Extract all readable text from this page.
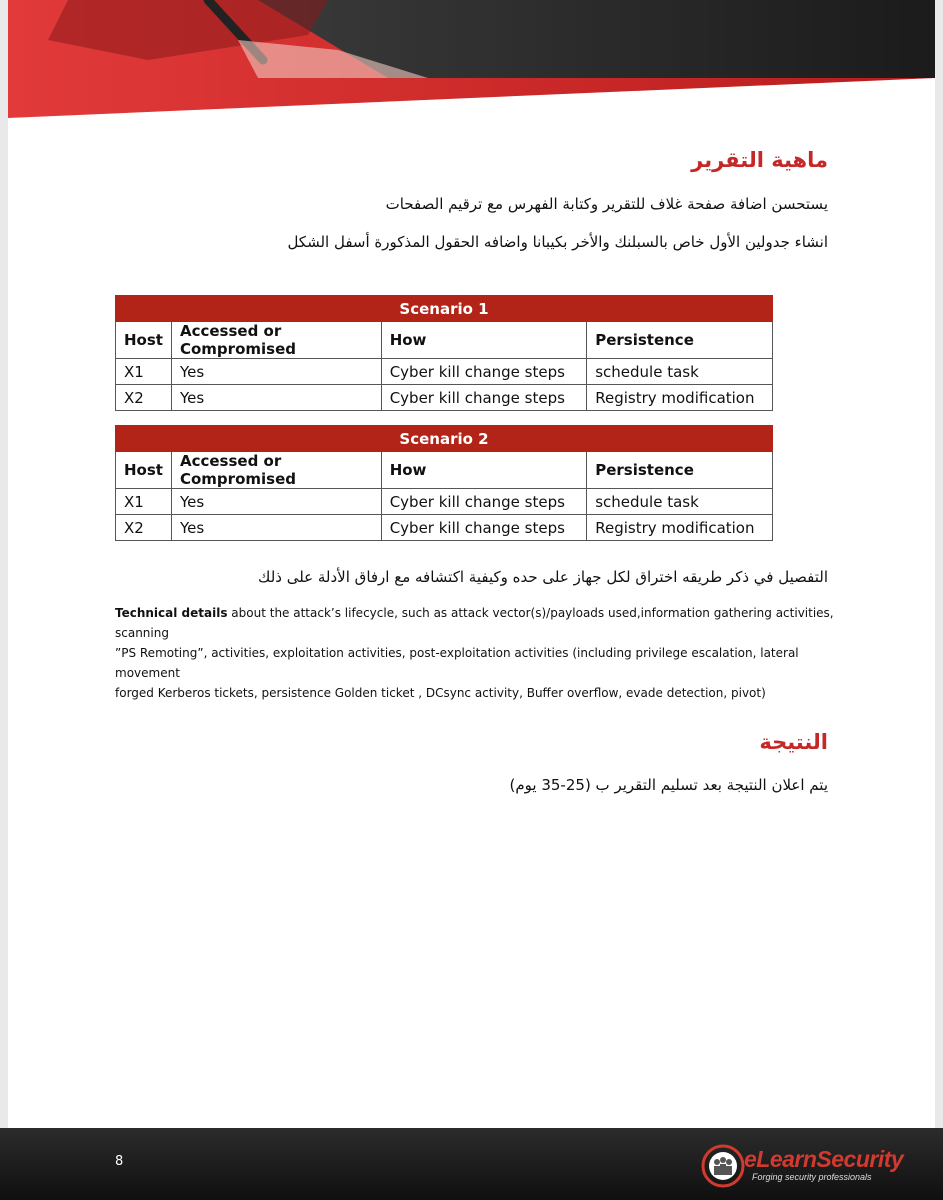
ماهية التقرير
يستحسن اضافة صفحة غلاف للتقرير وكتابة الفهرس مع ترقيم الصفحات
انشاء جدولين الأول خاص بالسبلنك والأخر بكيبانا واضافه الحقول المذكورة أسفل الشكل
Scenario 1			
Host	Accessed or Compromised	How	Persistence
X1	Yes	Cyber kill change steps	schedule task
X2	Yes	Cyber kill change steps	Registry modification
Scenario 2			
Host	Accessed or Compromised	How	Persistence
X1	Yes	Cyber kill change steps	schedule task
X2	Yes	Cyber kill change steps	Registry modification
التفصيل في ذكر طريقه اختراق لكل جهاز على حده وكيفية اكتشافه مع ارفاق الأدلة على ذلك
Technical details about the attack’s lifecycle, such as attack vector(s)/payloads used,information gathering activities, scanning
”PS Remoting”, activities, exploitation activities, post-exploitation activities (including privilege escalation, lateral movement
forged Kerberos tickets, persistence Golden ticket , DCsync activity, Buffer overflow, evade detection, pivot)
النتيجة
يتم اعلان النتيجة بعد تسليم التقرير ب (25-35 يوم)
8	eLearnSecurity
Forging security professionals
